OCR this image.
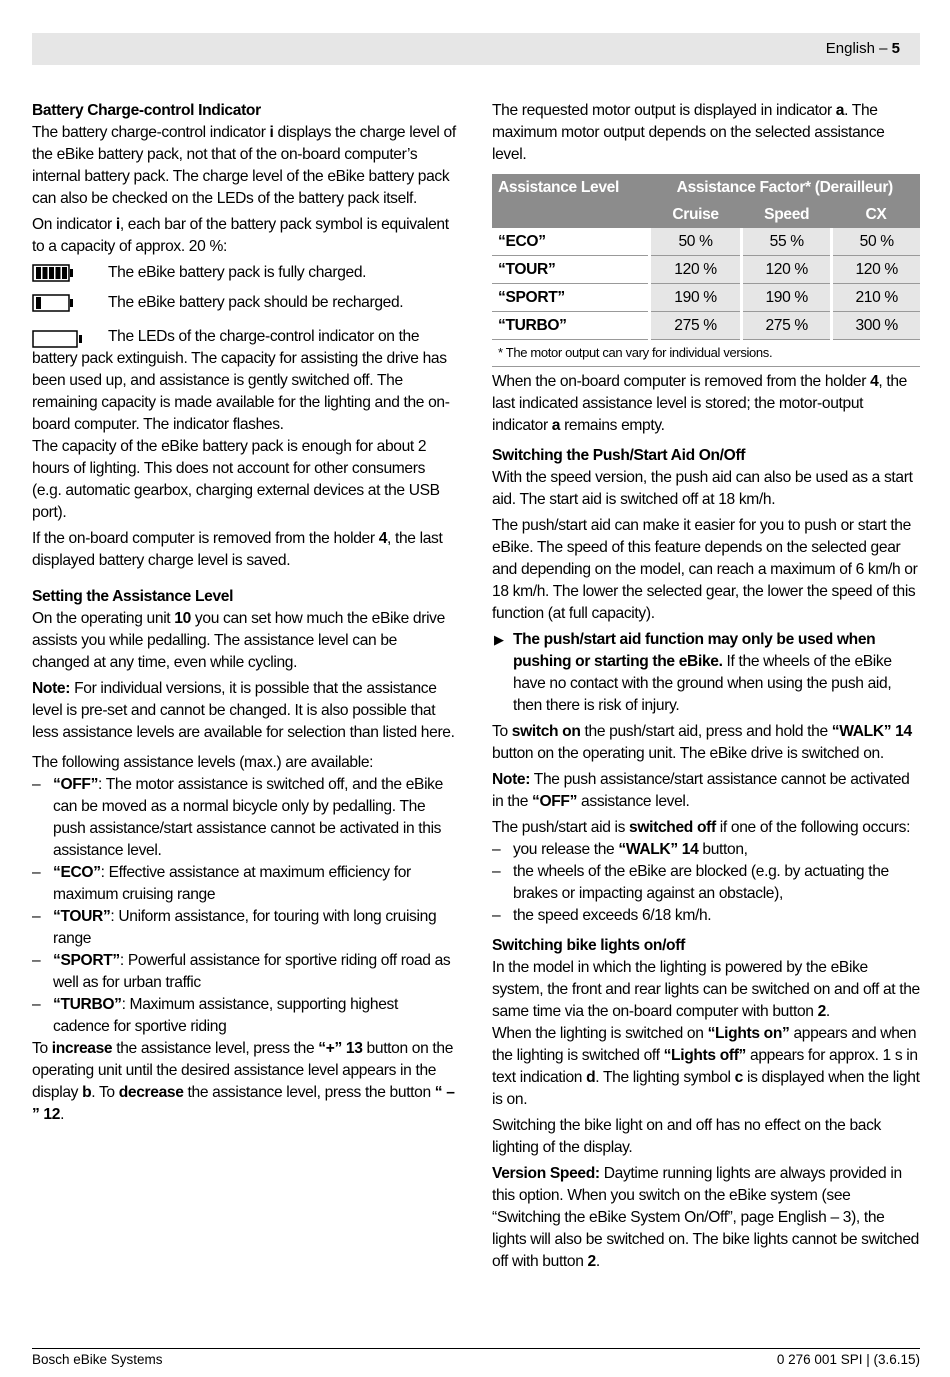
English – 5
Battery Charge-control Indicator

The battery charge-control indicator i displays the charge level of the eBike battery pack, not that of the on-board computer’s internal battery pack. The charge level of the eBike battery pack can also be checked on the LEDs of the battery pack itself.

On indicator i, each bar of the battery pack symbol is equivalent to a capacity of approx. 20 %:

The eBike battery pack is fully charged.
The eBike battery pack should be recharged.

The LEDs of the charge-control indicator on the battery pack extinguish. The capacity for assisting the drive has been used up, and assistance is gently switched off. The remaining capacity is made available for the lighting and the on-board computer. The indicator flashes.

The capacity of the eBike battery pack is enough for about 2 hours of lighting. This does not account for other consumers (e.g. automatic gearbox, charging external devices at the USB port).

If the on-board computer is removed from the holder 4, the last displayed battery charge level is saved.

Setting the Assistance Level

On the operating unit 10 you can set how much the eBike drive assists you while pedalling. The assistance level can be changed at any time, even while cycling.

Note: For individual versions, it is possible that the assistance level is pre-set and cannot be changed. It is also possible that less assistance levels are available for selection than listed here.

The following assistance levels (max.) are available:

– “OFF”: The motor assistance is switched off, and the eBike can be moved as a normal bicycle only by pedalling. The push assistance/start assistance cannot be activated in this assistance level.
– “ECO”: Effective assistance at maximum efficiency for maximum cruising range
– “TOUR”: Uniform assistance, for touring with long cruising range
– “SPORT”: Powerful assistance for sportive riding off road as well as for urban traffic
– “TURBO”: Maximum assistance, supporting highest cadence for sportive riding

To increase the assistance level, press the “+” 13 button on the operating unit until the desired assistance level appears in the display b. To decrease the assistance level, press the button “ – ” 12.

The requested motor output is displayed in indicator a. The maximum motor output depends on the selected assistance level.

Assistance Level	Assistance Factor* (Derailleur)		
	Cruise	Speed	CX
“ECO”	50 %	55 %	50 %
“TOUR”	120 %	120 %	120 %
“SPORT”	190 %	190 %	210 %
“TURBO”	275 %	275 %	300 %
* The motor output can vary for individual versions.

When the on-board computer is removed from the holder 4, the last indicated assistance level is stored; the motor-output indicator a remains empty.

Switching the Push/Start Aid On/Off

With the speed version, the push aid can also be used as a start aid. The start aid is switched off at 18 km/h.

The push/start aid can make it easier for you to push or start the eBike. The speed of this feature depends on the selected gear and depending on the model, can reach a maximum of 6 km/h or 18 km/h. The lower the selected gear, the lower the speed of this function (at full capacity).

▶ The push/start aid function may only be used when pushing or starting the eBike. If the wheels of the eBike have no contact with the ground when using the push aid, then there is risk of injury.

To switch on the push/start aid, press and hold the “WALK” 14 button on the operating unit. The eBike drive is switched on.

Note: The push assistance/start assistance cannot be activated in the “OFF” assistance level.

The push/start aid is switched off if one of the following occurs:

– you release the “WALK” 14 button,
– the wheels of the eBike are blocked (e.g. by actuating the brakes or impacting against an obstacle),
– the speed exceeds 6/18 km/h.
Switching bike lights on/off

In the model in which the lighting is powered by the eBike system, the front and rear lights can be switched on and off at the same time via the on-board computer with button 2.

When the lighting is switched on “Lights on” appears and when the lighting is switched off “Lights off” appears for approx. 1 s in text indication d. The lighting symbol c is displayed when the light is on.

Switching the bike light on and off has no effect on the back lighting of the display.

Version Speed: Daytime running lights are always provided in this option. When you switch on the eBike system (see “Switching the eBike System On/Off”, page English – 3), the lights will also be switched on. The bike lights cannot be switched off with button 2.

Bosch eBike Systems	0 276 001 SPI | (3.6.15)
